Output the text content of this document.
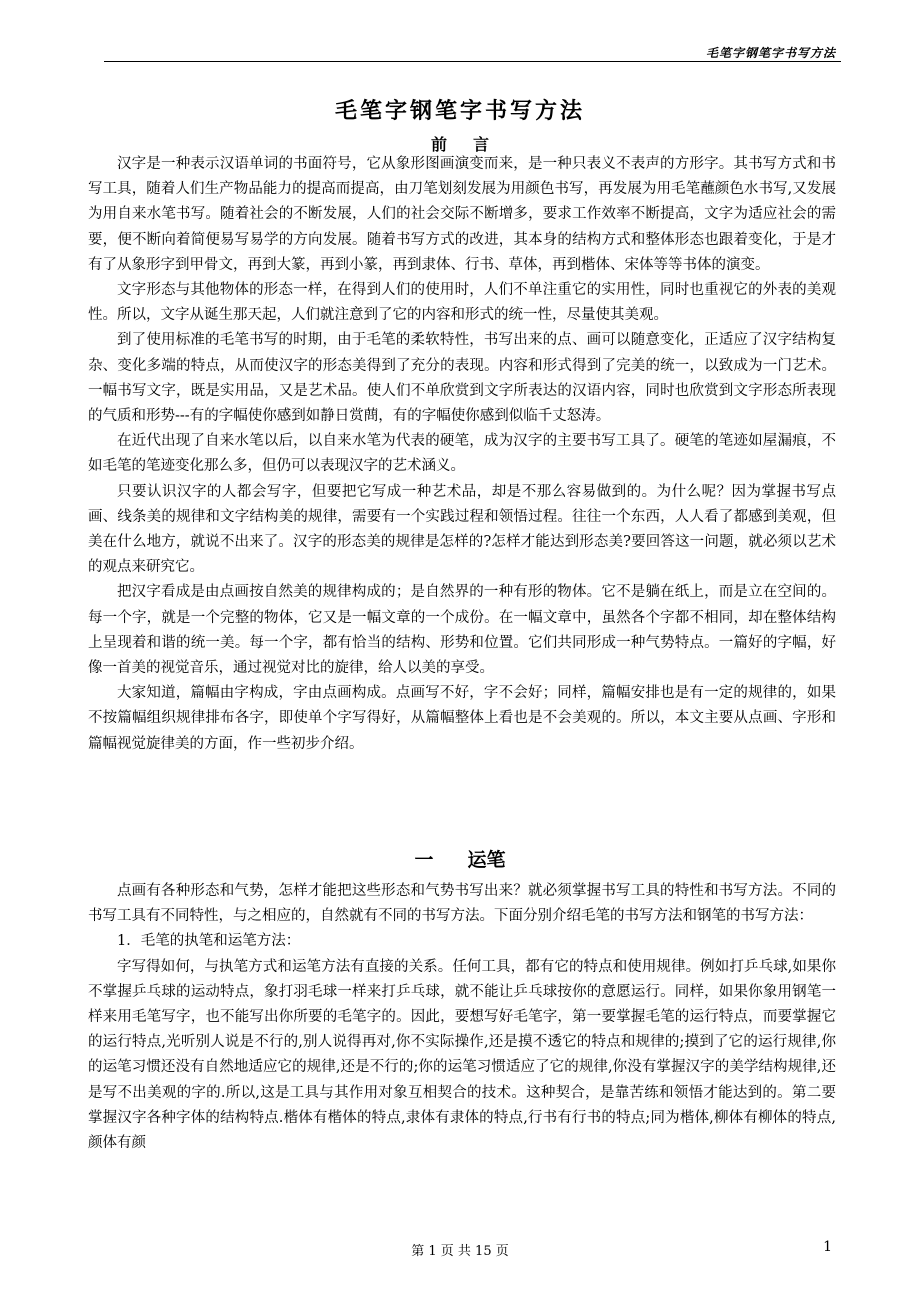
毛笔字钢笔字书写方法
毛笔字钢笔字书写方法
前言

汉字是一种表示汉语单词的书面符号，它从象形图画演变而来，是一种只表义不表声的方形字。其书写方式和书写工具，随着人们生产物品能力的提高而提高，由刀笔划刻发展为用颜色书写，再发展为用毛笔蘸颜色水书写,又发展为用自来水笔书写。随着社会的不断发展，人们的社会交际不断增多，要求工作效率不断提高，文字为适应社会的需要，便不断向着简便易写易学的方向发展。随着书写方式的改进，其本身的结构方式和整体形态也跟着变化，于是才有了从象形字到甲骨文，再到大篆，再到小篆，再到隶体、行书、草体，再到楷体、宋体等等书体的演变。

文字形态与其他物体的形态一样，在得到人们的使用时，人们不单注重它的实用性，同时也重视它的外表的美观性。所以，文字从诞生那天起，人们就注意到了它的内容和形式的统一性，尽量使其美观。

到了使用标准的毛笔书写的时期，由于毛笔的柔软特性，书写出来的点、画可以随意变化，正适应了汉字结构复杂、变化多端的特点，从而使汉字的形态美得到了充分的表现。内容和形式得到了完美的统一，以致成为一门艺术。一幅书写文字，既是实用品，又是艺术品。使人们不单欣赏到文字所表达的汉语内容，同时也欣赏到文字形态所表现的气质和形势---有的字幅使你感到如静日赏蔄，有的字幅使你感到似临千丈怒涛。

在近代出现了自来水笔以后，以自来水笔为代表的硬笔，成为汉字的主要书写工具了。硬笔的笔迹如屋漏痕，不如毛笔的笔迹变化那么多，但仍可以表现汉字的艺术涵义。

只要认识汉字的人都会写字，但要把它写成一种艺术品，却是不那么容易做到的。为什么呢？因为掌握书写点画、线条美的规律和文字结构美的规律，需要有一个实践过程和领悟过程。往往一个东西，人人看了都感到美观，但美在什么地方，就说不出来了。汉字的形态美的规律是怎样的?怎样才能达到形态美?要回答这一问题，就必须以艺术的观点来研究它。

把汉字看成是由点画按自然美的规律构成的；是自然界的一种有形的物体。它不是躺在纸上，而是立在空间的。每一个字，就是一个完整的物体，它又是一幅文章的一个成份。在一幅文章中，虽然各个字都不相同，却在整体结构上呈现着和谐的统一美。每一个字，都有恰当的结构、形势和位置。它们共同形成一种气势特点。一篇好的字幅，好像一首美的视觉音乐，通过视觉对比的旋律，给人以美的享受。

大家知道，篇幅由字构成，字由点画构成。点画写不好，字不会好；同样，篇幅安排也是有一定的规律的，如果不按篇幅组织规律排布各字，即使单个字写得好，从篇幅整体上看也是不会美观的。所以，本文主要从点画、字形和篇幅视觉旋律美的方面，作一些初步介绍。

一 运笔

点画有各种形态和气势，怎样才能把这些形态和气势书写出来？就必须掌握书写工具的特性和书写方法。不同的书写工具有不同特性，与之相应的，自然就有不同的书写方法。下面分别介绍毛笔的书写方法和钢笔的书写方法：

1．毛笔的执笔和运笔方法：

字写得如何，与执笔方式和运笔方法有直接的关系。任何工具，都有它的特点和使用规律。例如打乒乓球,如果你不掌握乒乓球的运动特点，象打羽毛球一样来打乒乓球，就不能让乒乓球按你的意愿运行。同样，如果你象用钢笔一样来用毛笔写字，也不能写出你所要的毛笔字的。因此，要想写好毛笔字，第一要掌握毛笔的运行特点，而要掌握它的运行特点,光听别人说是不行的,别人说得再对,你不实际操作,还是摸不透它的特点和规律的;摸到了它的运行规律,你的运笔习惯还没有自然地适应它的规律,还是不行的;你的运笔习惯适应了它的规律,你没有掌握汉字的美学结构规律,还是写不出美观的字的.所以,这是工具与其作用对象互相契合的技术。这种契合，是靠苦练和领悟才能达到的。第二要掌握汉字各种字体的结构特点.楷体有楷体的特点,隶体有隶体的特点,行书有行书的特点;同为楷体,柳体有柳体的特点,颜体有颜

第 1 页 共 15 页	1
